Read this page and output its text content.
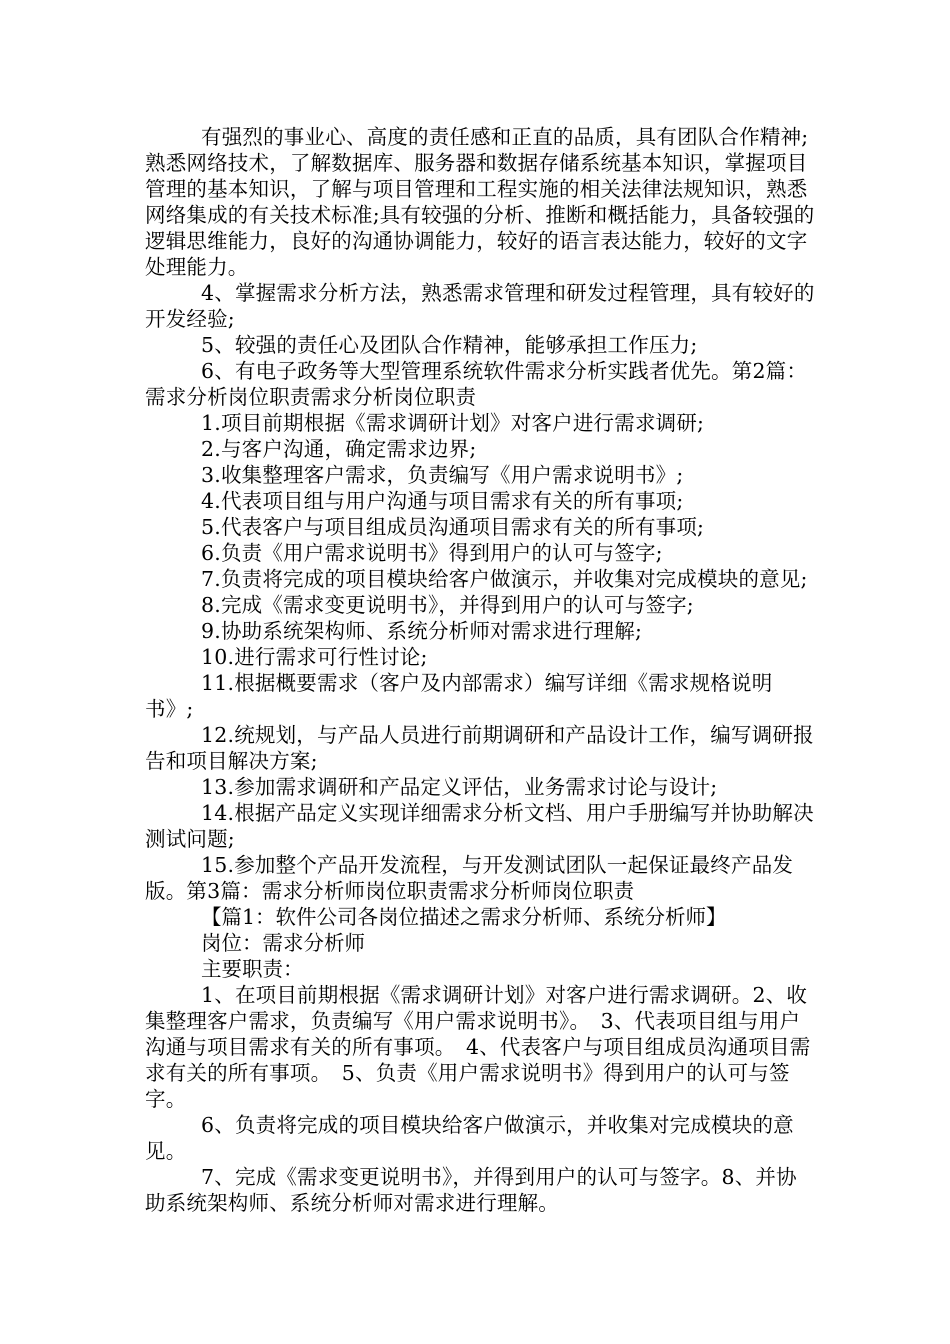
有强烈的事业心、高度的责任感和正直的品质，具有团队合作精神;熟悉网络技术，了解数据库、服务器和数据存储系统基本知识，掌握项目管理的基本知识，了解与项目管理和工程实施的相关法律法规知识，熟悉网络集成的有关技术标准;具有较强的分析、推断和概括能力，具备较强的逻辑思维能力，良好的沟通协调能力，较好的语言表达能力，较好的文字处理能力。

4、掌握需求分析方法，熟悉需求管理和研发过程管理，具有较好的开发经验;

5、较强的责任心及团队合作精神，能够承担工作压力;

6、有电子政务等大型管理系统软件需求分析实践者优先。第2篇：需求分析岗位职责需求分析岗位职责

1.项目前期根据《需求调研计划》对客户进行需求调研;

2.与客户沟通，确定需求边界;

3.收集整理客户需求，负责编写《用户需求说明书》;

4.代表项目组与用户沟通与项目需求有关的所有事项;

5.代表客户与项目组成员沟通项目需求有关的所有事项;

6.负责《用户需求说明书》得到用户的认可与签字;

7.负责将完成的项目模块给客户做演示，并收集对完成模块的意见;

8.完成《需求变更说明书》，并得到用户的认可与签字;

9.协助系统架构师、系统分析师对需求进行理解;

10.进行需求可行性讨论;

11.根据概要需求（客户及内部需求）编写详细《需求规格说明书》;

12.统规划，与产品人员进行前期调研和产品设计工作，编写调研报告和项目解决方案;

13.参加需求调研和产品定义评估，业务需求讨论与设计;

14.根据产品定义实现详细需求分析文档、用户手册编写并协助解决测试问题;

15.参加整个产品开发流程，与开发测试团队一起保证最终产品发版。第3篇：需求分析师岗位职责需求分析师岗位职责

【篇1：软件公司各岗位描述之需求分析师、系统分析师】

岗位：需求分析师

主要职责：

1、在项目前期根据《需求调研计划》对客户进行需求调研。2、收集整理客户需求，负责编写《用户需求说明书》。　3、代表项目组与用户沟通与项目需求有关的所有事项。　4、代表客户与项目组成员沟通项目需求有关的所有事项。　5、负责《用户需求说明书》得到用户的认可与签字。

6、负责将完成的项目模块给客户做演示，并收集对完成模块的意见。

7、完成《需求变更说明书》，并得到用户的认可与签字。8、并协助系统架构师、系统分析师对需求进行理解。
